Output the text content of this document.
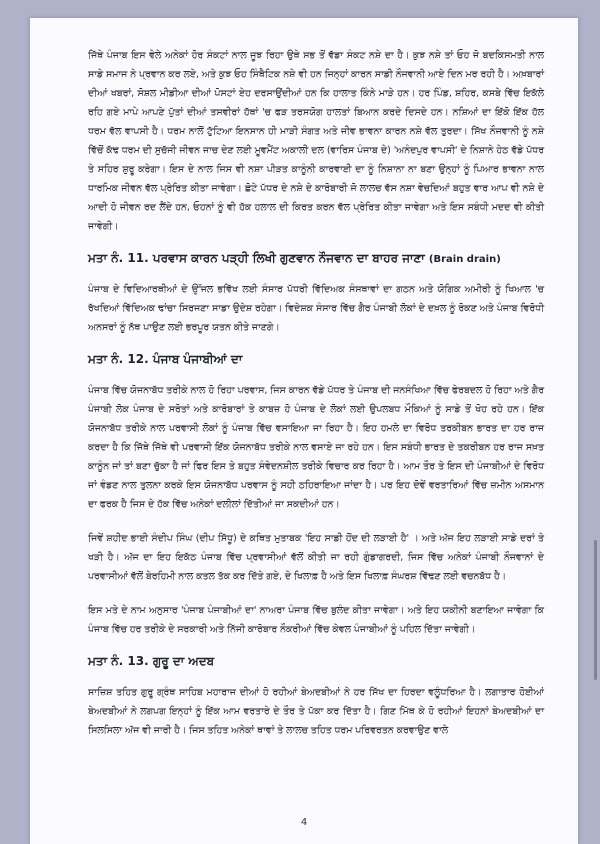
ਜਿੱਥੇ ਪੰਜਾਬ ਇਸ ਵੇਲੇ ਅਨੇਕਾਂ ਹੋਰ ਸੰਕਟਾਂ ਨਾਲ ਜੂਝ ਰਿਹਾ ਉਥੇ ਸਭ ਤੋਂ ਵੱਡਾ ਸੰਕਟ ਨਸ਼ੇ ਦਾ ਹੈ। ਕੁਝ ਨਸ਼ੇ ਤਾਂ ਓਹ ਜੋ ਬਦਕਿਸਮਤੀ ਨਾਲ ਸਾਡੇ ਸਮਾਜ ਨੇ ਪ੍ਰਵਾਨ ਕਰ ਲਏ, ਅਤੇ ਕੁਝ ਓਹ ਸਿੰਥੈਟਿਕ ਨਸ਼ੇ ਵੀ ਹਨ ਜਿਨ੍ਹਾਂ ਕਾਰਨ ਸਾਡੀ ਨੌਜਵਾਨੀ ਆਏ ਦਿਨ ਮਰ ਰਹੀ ਹੈ। ਅਖ਼ਬਾਰਾਂ ਦੀਆਂ ਖਬਰਾਂ, ਸੋਸ਼ਲ ਮੀਡੀਆ ਦੀਆਂ ਪੋਸਟਾਂ ਏਹ ਦਰਸਾਉਂਦੀਆਂ ਹਨ ਕਿ ਹਾਲਾਤ ਕਿੰਨੇ ਮਾੜੇ ਹਨ। ਹਰ ਪਿੰਡ, ਸ਼ਹਿਰ, ਕਸਬੇ ਵਿੱਚ ਇਕੱਲੇ ਰਹਿ ਗਏ ਮਾਪੇ ਆਪਣੇ ਪੁੱਤਾਂ ਦੀਆਂ ਤਸਵੀਰਾਂ ਹੱਥਾਂ 'ਚ ਫੜ ਤਰਸਯੋਗ ਹਾਲਤਾਂ ਬਿਆਨ ਕਰਦੇ ਦਿਸਦੇ ਹਨ। ਨਸ਼ਿਆਂ ਦਾ ਇੱਕੋ ਇੱਕ ਹੱਲ ਧਰਮ ਵੱਲ ਵਾਪਸੀ ਹੈ। ਧਰਮ ਨਾਲੋਂ ਟੁੱਟਿਆ ਇਨਸਾਨ ਹੀ ਮਾੜੀ ਸੰਗਤ ਅਤੇ ਜੀਵ ਭਾਵਨਾ ਕਾਰਨ ਨਸ਼ੇ ਵੱਲ ਤੁਰਦਾ। ਸਿੱਖ ਨੌਜਵਾਨੀ ਨੂੰ ਨਸ਼ੇ ਵਿੱਚੋਂ ਕੱਢ ਧਰਮ ਦੀ ਸੁਚੱਜੀ ਜੀਵਨ ਜਾਚ ਦੇਣ ਲਈ ਮੂਵਮੈਂਟ ਅਕਾਲੀ ਦਲ (ਵਾਰਿਸ ਪੰਜਾਬ ਦੇ) 'ਅਨੰਦਪੁਰ ਵਾਪਸੀ' ਦੇ ਨਿਸ਼ਾਨੇ ਹੇਠ ਵੱਡੇ ਪੱਧਰ ਤੇ ਸਹਿਰ ਸ਼ੁਰੂ ਕਰੇਗਾ। ਇਸ ਦੇ ਨਾਲ ਜਿਸ ਵੀ ਨਸ਼ਾ ਪੀੜਤ ਕਾਨੂੰਨੀ ਕਾਰਵਾਈ ਦਾ ਨੂੰ ਨਿਸ਼ਾਨਾ ਨਾ ਬਣਾ ਉਨ੍ਹਾਂ ਨੂੰ ਪਿਆਰ ਭਾਵਨਾ ਨਾਲ ਧਾਰਮਿਕ ਜੀਵਨ ਵੱਲ ਪ੍ਰੇਰਿਤ ਕੀਤਾ ਜਾਵੇਗਾ। ਛੋਟੇ ਪੱਧਰ ਦੇ ਨਸ਼ੇ ਦੇ ਕਾਰੋਬਾਰੀ ਜੋ ਲਾਲਚ ਵੱਸ ਨਸ਼ਾ ਵੇਚਦਿਆਂ ਬਹੁਤ ਵਾਰ ਆਪ ਵੀ ਨਸ਼ੇ ਦੇ ਆਦੀ ਹੋ ਜੀਵਨ ਰਦ ਲੈਂਦੇ ਹਨ, ਓਹਨਾਂ ਨੂੰ ਵੀ ਹੱਕ ਹਲਾਲ ਦੀ ਕਿਰਤ ਕਰਨ ਵੱਲ ਪ੍ਰੇਰਿਤ ਕੀਤਾ ਜਾਵੇਗਾ ਅਤੇ ਇਸ ਸਬੰਧੀ ਮਦਦ ਵੀ ਕੀਤੀ ਜਾਵੇਗੀ।

ਮਤਾ ਨੰ. 11. ਪਰਵਾਸ ਕਾਰਨ ਪੜ੍ਹੀ ਲਿਖੀ ਗੁਣਵਾਨ ਨੌਜਵਾਨ ਦਾ ਬਾਹਰ ਜਾਣਾ (Brain drain)

ਪੰਜਾਬ ਦੇ ਵਿਦਿਆਰਥੀਆਂ ਦੇ ਉੱਜਲ ਭਵਿੱਖ ਲਈ ਸੰਸਾਰ ਪੱਧਰੀ ਵਿੱਦਿਅਕ ਸੰਸਥਾਵਾਂ ਦਾ ਗਠਨ ਅਤੇ ਯੋਗਿਕ ਅਮੀਰੀ ਨੂੰ ਖਿਆਲ 'ਚ ਰੱਖਦਿਆਂ ਵਿੱਦਿਅਕ ਢਾਂਚਾ ਸਿਰਜਣਾ ਸਾਡਾ ਉਦੇਸ਼ ਰਹੇਗਾ। ਵਿਦੇਸ਼ਕ ਸੰਸਾਰ ਵਿੱਚ ਗੈਰ ਪੰਜਾਬੀ ਲੋਕਾਂ ਦੇ ਦਖ਼ਲ ਨੂੰ ਰੋਕਣ ਅਤੇ ਪੰਜਾਬ ਵਿਰੋਧੀ ਅਨਸਰਾਂ ਨੂੰ ਨੱਥ ਪਾਉਣ ਲਈ ਭਰਪੂਰ ਯਤਨ ਕੀਤੇ ਜਾਣਗੇ।

ਮਤਾ ਨੰ. 12. ਪੰਜਾਬ ਪੰਜਾਬੀਆਂ ਦਾ

ਪੰਜਾਬ ਵਿੱਚ ਯੋਜਨਾਬੱਧ ਤਰੀਕੇ ਨਾਲ ਹੋ ਰਿਹਾ ਪਰਵਾਸ, ਜਿਸ ਕਾਰਨ ਵੱਡੇ ਪੱਧਰ ਤੇ ਪੰਜਾਬ ਦੀ ਜਨਸੰਖਿਆ ਵਿੱਚ ਫੇਰਬਦਲ ਹੋ ਰਿਹਾ ਅਤੇ ਗੈਰ ਪੰਜਾਬੀ ਲੋਕ ਪੰਜਾਬ ਦੇ ਸਰੋਤਾਂ ਅਤੇ ਕਾਰੋਬਾਰਾਂ ਤੇ ਕਾਬਜ਼ ਹੋ ਪੰਜਾਬ ਦੇ ਲੋਕਾਂ ਲਈ ਉਪਲਬਧ ਮੌਕਿਆਂ ਨੂੰ ਸਾਡੇ ਤੋਂ ਖੋਹ ਰਹੇ ਹਨ। ਇੱਕ ਯੋਜਨਾਬੱਧ ਤਰੀਕੇ ਨਾਲ ਪਰਵਾਸੀ ਲੋਕਾਂ ਨੂੰ ਪੰਜਾਬ ਵਿੱਚ ਵਸਾਇਆ ਜਾ ਰਿਹਾ ਹੈ। ਇਹ ਹਮਲੇ ਦਾ ਵਿਰੋਧ ਤਰਕੀਬਨ ਭਾਰਤ ਦਾ ਹਰ ਰਾਜ ਕਰਦਾ ਹੈ ਕਿ ਜਿੱਥੇ ਜਿੱਥੇ ਵੀ ਪਰਵਾਸੀ ਇੱਕ ਯੋਜਨਾਬੱਧ ਤਰੀਕੇ ਨਾਲ ਵਸਾਏ ਜਾ ਰਹੇ ਹਨ। ਇਸ ਸਬੰਧੀ ਭਾਰਤ ਦੇ ਤਕਰੀਬਨ ਹਰ ਰਾਜ ਸਖ਼ਤ ਕਾਨੂੰਨ ਜਾਂ ਤਾਂ ਬਣਾ ਚੁੱਕਾ ਹੈ ਜਾਂ ਫਿਰ ਇਸ ਤੇ ਬਹੁਤ ਸੰਵੇਦਨਸ਼ੀਲ ਤਰੀਕੇ ਵਿਚਾਰ ਕਰ ਰਿਹਾ ਹੈ। ਆਮ ਤੌਰ ਤੇ ਇਸ ਦੀ ਪੰਜਾਬੀਆਂ ਦੇ ਵਿਰੋਧ ਜਾਂ ਵੰਡਣ ਨਾਲ ਤੁਲਨਾ ਕਰਕੇ ਇਸ ਯੋਜਨਾਬੱਧ ਪਰਵਾਸ ਨੂੰ ਸਹੀ ਠਹਿਰਾਇਆ ਜਾਂਦਾ ਹੈ। ਪਰ ਇਹ ਦੋਵੇਂ ਵਰਤਾਰਿਆਂ ਵਿੱਚ ਜ਼ਮੀਨ ਅਸਮਾਨ ਦਾ ਫਰਕ ਹੈ ਜਿਸ ਦੇ ਹੱਕ ਵਿੱਚ ਅਨੇਕਾਂ ਦਲੀਲਾਂ ਦਿੱਤੀਆਂ ਜਾ ਸਕਦੀਆਂ ਹਨ।

ਜਿਵੇਂ ਸ਼ਹੀਦ ਭਾਈ ਸੰਦੀਪ ਸਿੰਘ (ਦੀਪ ਸਿੱਧੂ) ਦੇ ਕਥਿਤ ਮੁਤਾਬਕ 'ਇਹ ਸਾਡੀ ਹੋਂਦ ਦੀ ਲੜਾਈ ਹੈ' । ਅਤੇ ਅੱਜ ਇਹ ਲੜਾਈ ਸਾਡੇ ਦਰਾਂ ਤੇ ਖੜੀ ਹੈ। ਅੱਜ ਦਾ ਇਹ ਇਕੱਠ ਪੰਜਾਬ ਵਿੱਚ ਪ੍ਰਵਾਸੀਆਂ ਵੱਲੋਂ ਕੀਤੀ ਜਾ ਰਹੀ ਗੁੰਡਾਗਰਦੀ, ਜਿਸ ਵਿੱਚ ਅਨੇਕਾਂ ਪੰਜਾਬੀ ਨੌਜਵਾਨਾਂ ਦੇ ਪਰਵਾਸੀਆਂ ਵੱਲੋਂ ਬੇਰਹਿਮੀ ਨਾਲ ਕਤਲ ਤੱਕ ਕਰ ਦਿੱਤੇ ਗਏ, ਦੇ ਖਿਲਾਫ਼ ਹੈ ਅਤੇ ਇਸ ਖਿਲਾਫ਼ ਸੰਘਰਸ਼ ਵਿੱਢਣ ਲਈ ਵਚਨਬੱਧ ਹੈ।

ਇਸ ਮਤੇ ਦੇ ਨਾਮ ਅਨੁਸਾਰ 'ਪੰਜਾਬ ਪੰਜਾਬੀਆਂ ਦਾ' ਨਾਅਰਾ ਪੰਜਾਬ ਵਿੱਚ ਬੁਲੰਦ ਕੀਤਾ ਜਾਵੇਗਾ। ਅਤੇ ਇਹ ਯਕੀਨੀ ਬਣਾਇਆ ਜਾਵੇਗਾ ਕਿ ਪੰਜਾਬ ਵਿੱਚ ਹਰ ਤਰੀਕੇ ਦੇ ਸਰਕਾਰੀ ਅਤੇ ਨਿੱਜੀ ਕਾਰੋਬਾਰ ਨੌਕਰੀਆਂ ਵਿੱਚ ਕੇਵਲ ਪੰਜਾਬੀਆਂ ਨੂੰ ਪਹਿਲ ਦਿੱਤਾ ਜਾਵੇਗੀ।

ਮਤਾ ਨੰ. 13. ਗੁਰੂ ਦਾ ਅਦਬ

ਸਾਜ਼ਿਸ਼ ਤਹਿਤ ਗੁਰੂ ਗ੍ਰੰਥ ਸਾਹਿਬ ਮਹਾਰਾਜ ਦੀਆਂ ਹੋ ਰਹੀਆਂ ਬੇਅਦਬੀਆਂ ਨੇ ਹਰ ਸਿੱਖ ਦਾ ਹਿਰਦਾ ਵਲੂੰਧਰਿਆ ਹੈ। ਲਗਾਤਾਰ ਹੋਈਆਂ ਬੇਅਦਬੀਆਂ ਨੇ ਲਗਪਗ ਇਨ੍ਹਾਂ ਨੂੰ ਇੱਕ ਆਮ ਵਰਤਾਰੇ ਦੇ ਤੌਰ ਤੇ ਪੱਕਾ ਕਰ ਦਿੱਤਾ ਹੈ। ਗਿਣ ਮਿੱਥ ਕੇ ਹੋ ਰਹੀਆਂ ਇਹਨਾਂ ਬੇਅਦਬੀਆਂ ਦਾ ਸਿਲਸਿਲਾ ਅੱਜ ਵੀ ਜਾਰੀ ਹੈ। ਜਿਸ ਤਹਿਤ ਅਨੇਕਾਂ ਥਾਵਾਂ ਤੇ ਲਾਲਚ ਤਹਿਤ ਧਰਮ ਪਰਿਵਰਤਨ ਕਰਵਾਉਣ ਵਾਲੇ

4
